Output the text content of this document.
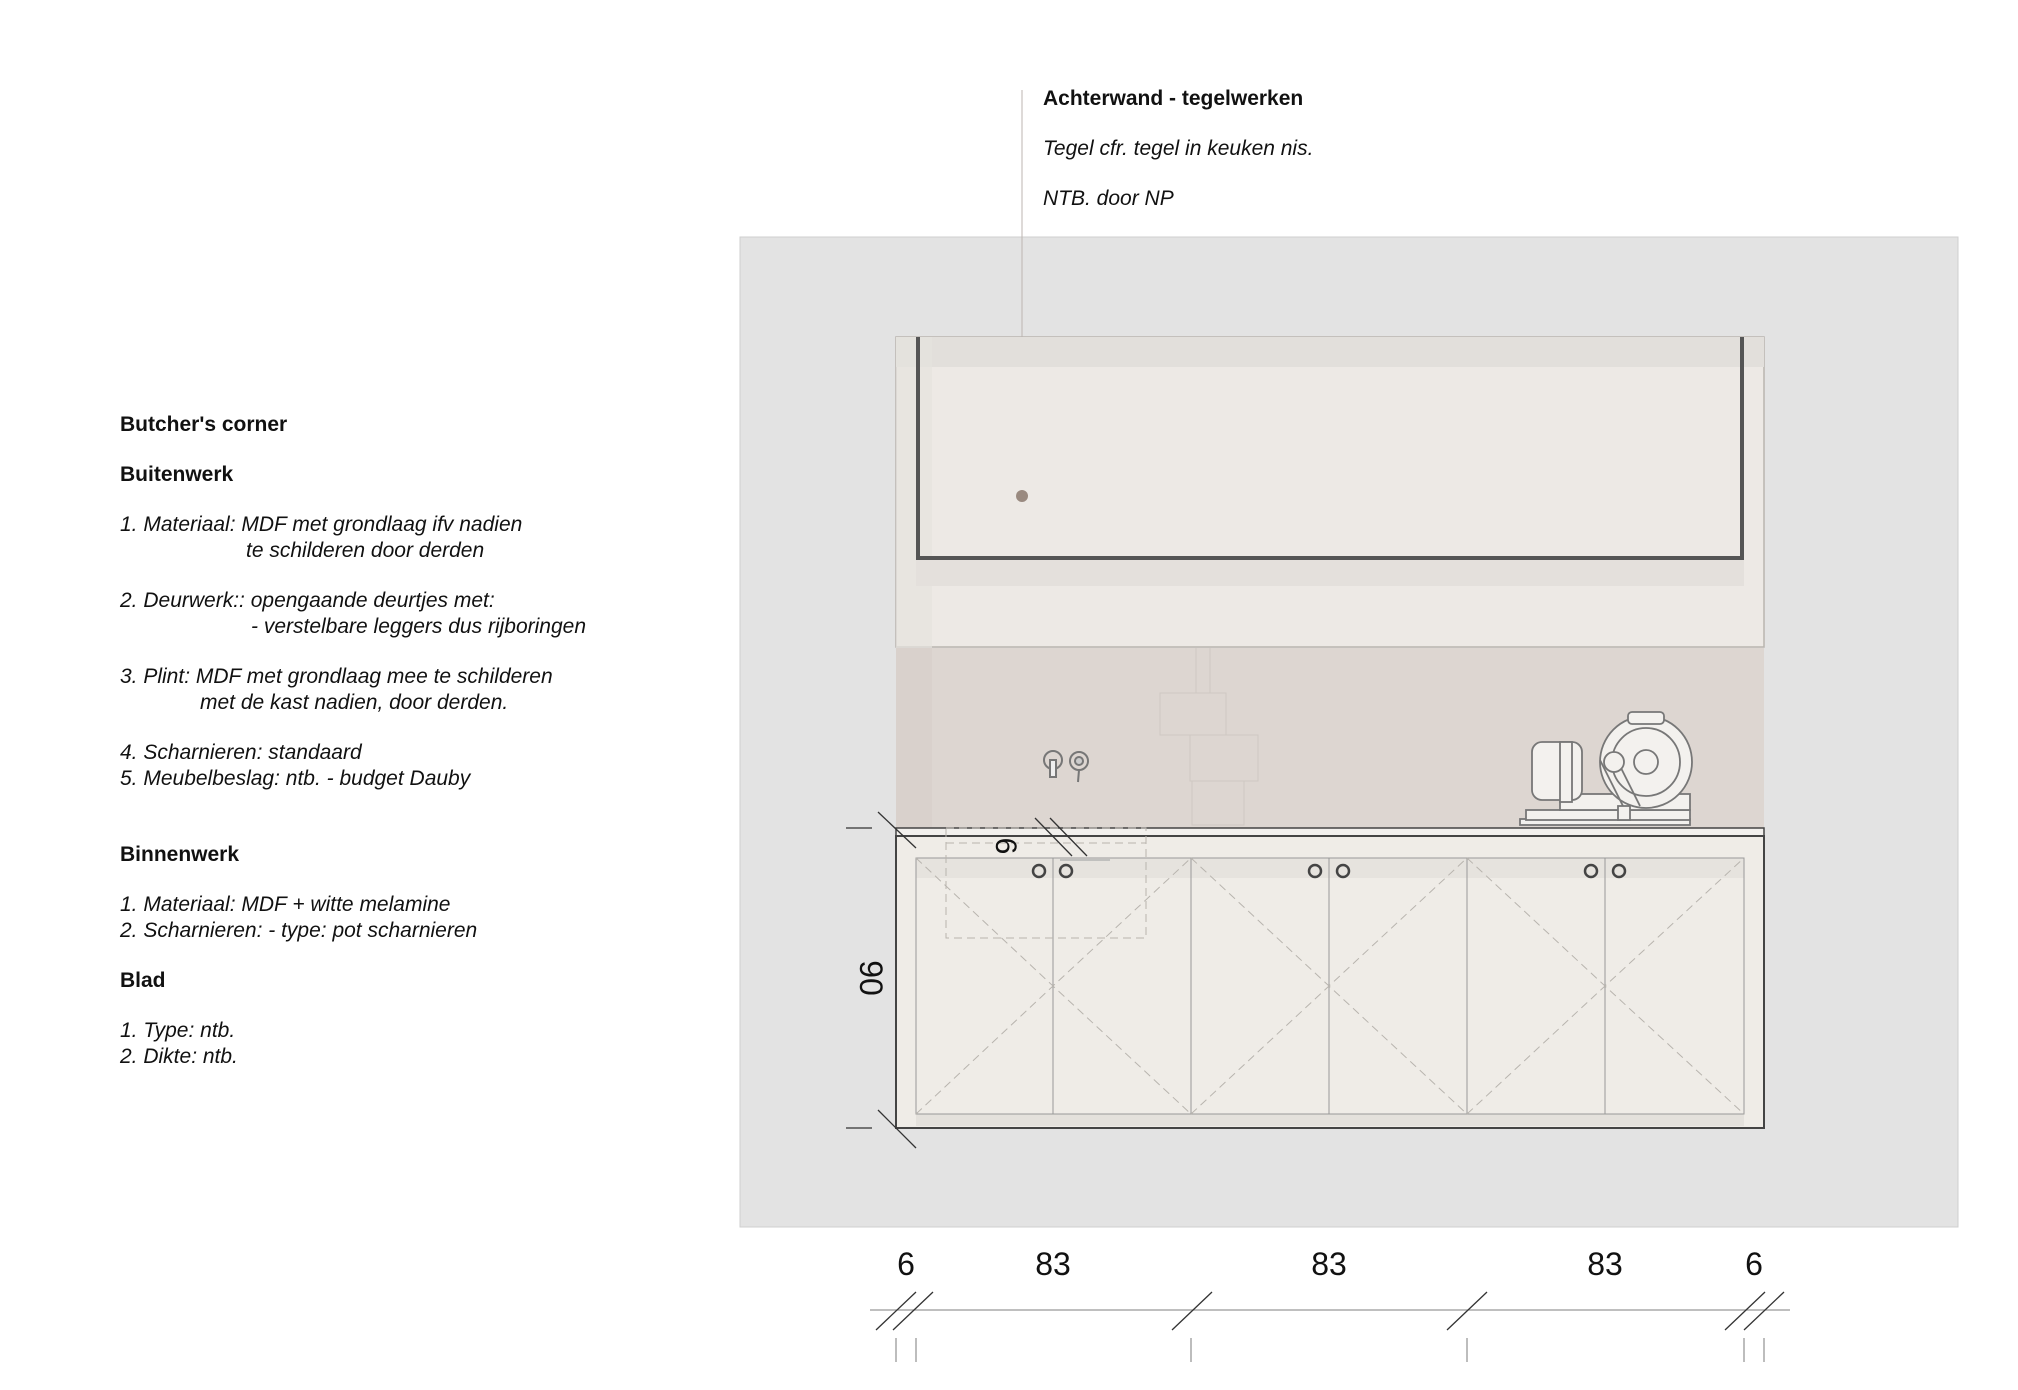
Butcher's corner
Buitenwerk
1. Materiaal: MDF met grondlaag ifv nadien
te schilderen door derden
2. Deurwerk:: opengaande deurtjes met:
- verstelbare leggers dus rijboringen
3. Plint: MDF met grondlaag mee te schilderen
met de kast nadien, door derden.
4. Scharnieren: standaard
5. Meubelbeslag: ntb. - budget Dauby
Binnenwerk
1. Materiaal: MDF + witte melamine
2. Scharnieren: - type: pot scharnieren
Blad
1. Type: ntb.
2. Dikte: ntb.
Achterwand - tegelwerken
Tegel cfr. tegel in keuken nis.
NTB. door NP
90
6
6	83	83	83	6
